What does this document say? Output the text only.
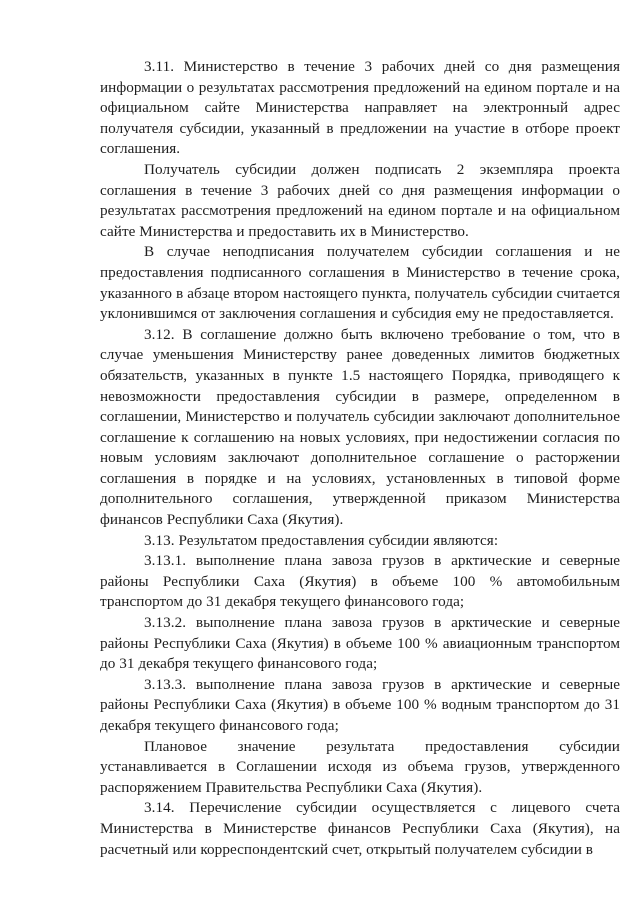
3.11. Министерство в течение 3 рабочих дней со дня размещения информации о результатах рассмотрения предложений на едином портале и на официальном сайте Министерства направляет на электронный адрес получателя субсидии, указанный в предложении на участие в отборе проект соглашения.

Получатель субсидии должен подписать 2 экземпляра проекта соглашения в течение 3 рабочих дней со дня размещения информации о результатах рассмотрения предложений на едином портале и на официальном сайте Министерства и предоставить их в Министерство.

В случае неподписания получателем субсидии соглашения и не предоставления подписанного соглашения в Министерство в течение срока, указанного в абзаце втором настоящего пункта, получатель субсидии считается уклонившимся от заключения соглашения и субсидия ему не предоставляется.

3.12. В соглашение должно быть включено требование о том, что в случае уменьшения Министерству ранее доведенных лимитов бюджетных обязательств, указанных в пункте 1.5 настоящего Порядка, приводящего к невозможности предоставления субсидии в размере, определенном в соглашении, Министерство и получатель субсидии заключают дополнительное соглашение к соглашению на новых условиях, при недостижении согласия по новым условиям заключают дополнительное соглашение о расторжении соглашения в порядке и на условиях, установленных в типовой форме дополнительного соглашения, утвержденной приказом Министерства финансов Республики Саха (Якутия).

3.13. Результатом предоставления субсидии являются:

3.13.1. выполнение плана завоза грузов в арктические и северные районы Республики Саха (Якутия) в объеме 100 % автомобильным транспортом до 31 декабря текущего финансового года;

3.13.2. выполнение плана завоза грузов в арктические и северные районы Республики Саха (Якутия) в объеме 100 % авиационным транспортом до 31 декабря текущего финансового года;

3.13.3. выполнение плана завоза грузов в арктические и северные районы Республики Саха (Якутия) в объеме 100 % водным транспортом до 31 декабря текущего финансового года;

Плановое значение результата предоставления субсидии устанавливается в Соглашении исходя из объема грузов, утвержденного распоряжением Правительства Республики Саха (Якутия).

3.14. Перечисление субсидии осуществляется с лицевого счета Министерства в Министерстве финансов Республики Саха (Якутия), на расчетный или корреспондентский счет, открытый получателем субсидии в
